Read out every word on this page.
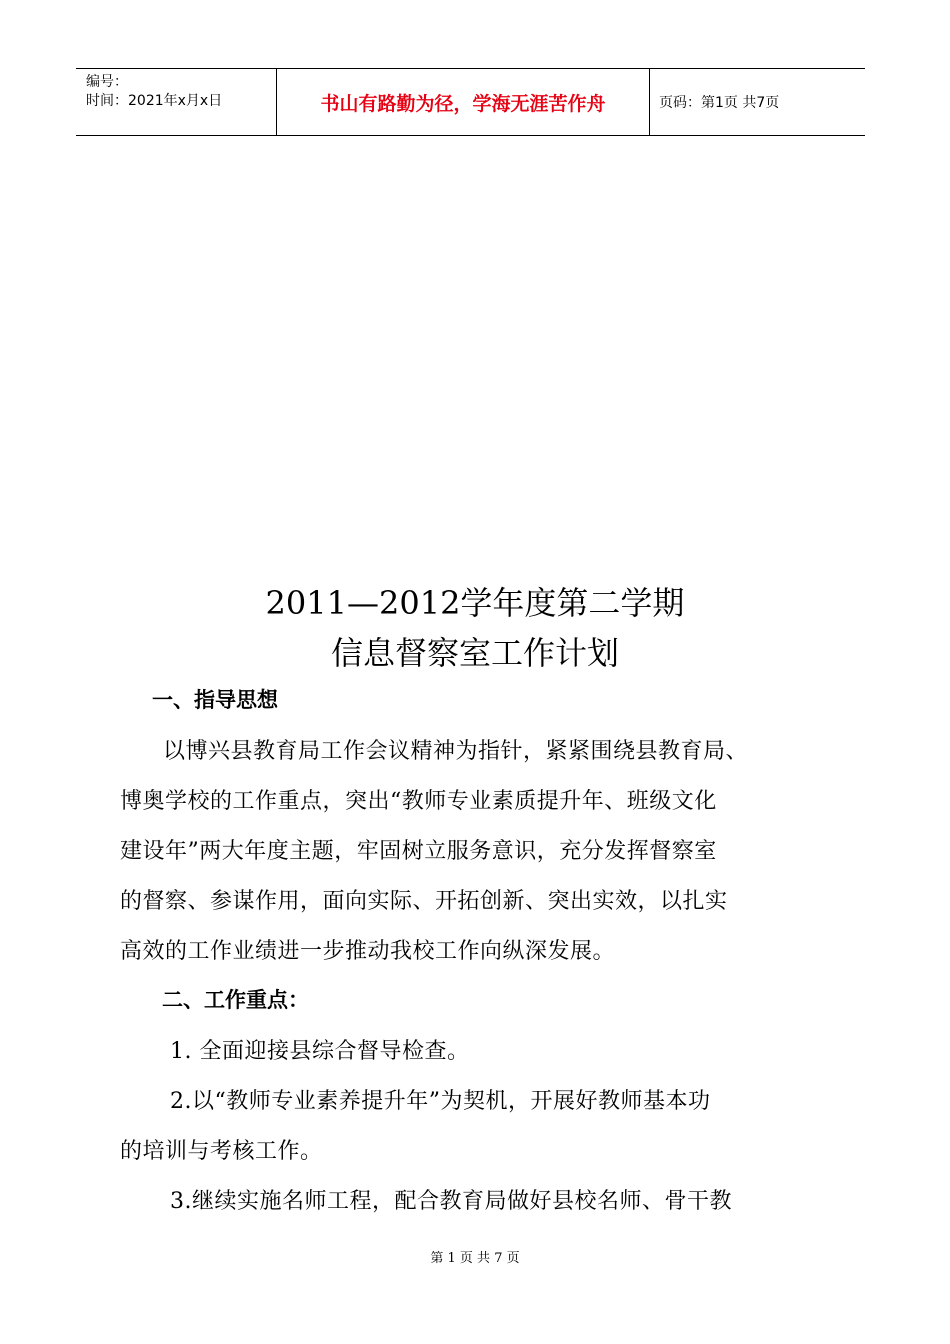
编号：
时间：2021年x月x日	书山有路勤为径，学海无涯苦作舟	页码：第1页 共7页
2011—2012学年度第二学期
信息督察室工作计划
一、指导思想
以博兴县教育局工作会议精神为指针，紧紧围绕县教育局、
博奥学校的工作重点，突出“教师专业素质提升年、班级文化
建设年”两大年度主题，牢固树立服务意识，充分发挥督察室
的督察、参谋作用，面向实际、开拓创新、突出实效，以扎实
高效的工作业绩进一步推动我校工作向纵深发展。
二、工作重点：
1. 全面迎接县综合督导检查。
2.以“教师专业素养提升年”为契机，开展好教师基本功
的培训与考核工作。
3.继续实施名师工程，配合教育局做好县校名师、骨干教
第 1 页 共 7 页
